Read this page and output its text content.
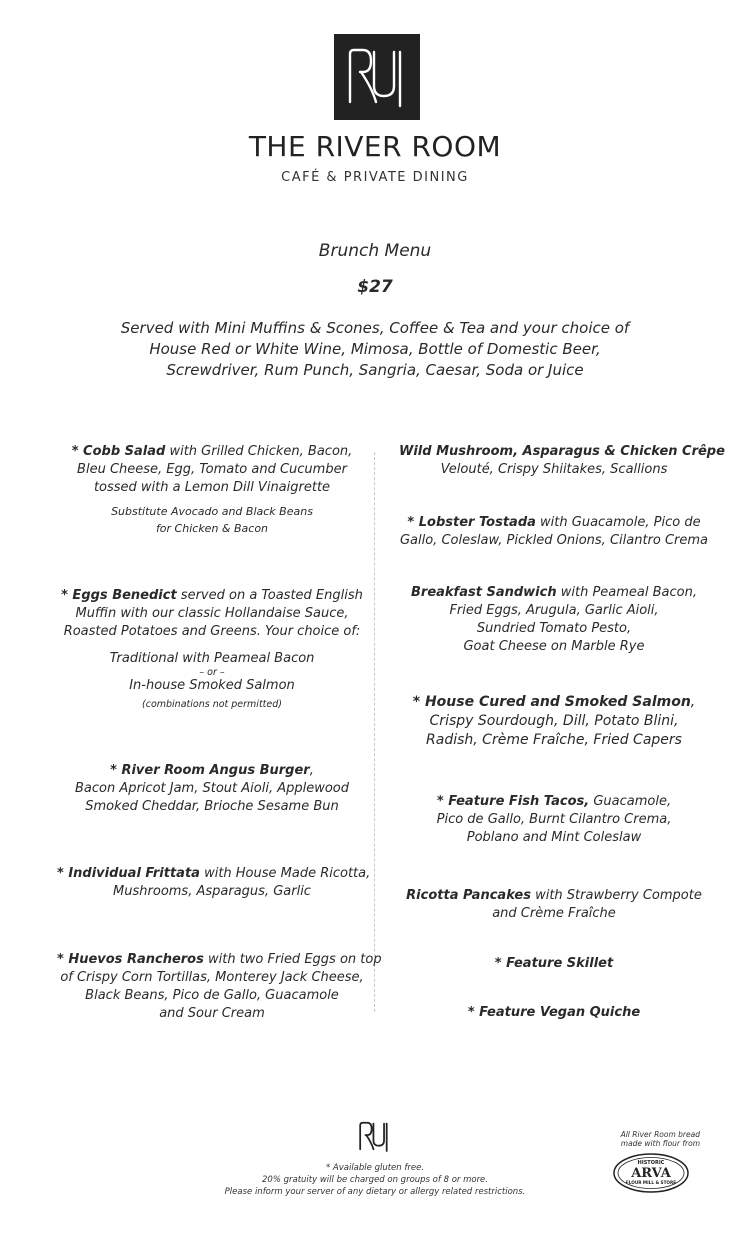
THE RIVER ROOM
CAFÉ & PRIVATE DINING
Brunch Menu
$27
Served with Mini Muffins & Scones, Coffee & Tea and your choice of
House Red or White Wine, Mimosa, Bottle of Domestic Beer,
Screwdriver, Rum Punch, Sangria, Caesar, Soda or Juice
* Cobb Salad with Grilled Chicken, Bacon,
Bleu Cheese, Egg, Tomato and Cucumber
tossed with a Lemon Dill Vinaigrette
Substitute Avocado and Black Beans
for Chicken & Bacon
* Eggs Benedict served on a Toasted English
Muffin with our classic Hollandaise Sauce,
Roasted Potatoes and Greens. Your choice of:
Traditional with Peameal Bacon
– or –
In-house Smoked Salmon
(combinations not permitted)
* River Room Angus Burger,
Bacon Apricot Jam, Stout Aioli, Applewood
Smoked Cheddar, Brioche Sesame Bun
* Individual Frittata with House Made Ricotta,
Mushrooms, Asparagus, Garlic
* Huevos Rancheros with two Fried Eggs on top
of Crispy Corn Tortillas, Monterey Jack Cheese,
Black Beans, Pico de Gallo, Guacamole
and Sour Cream
Wild Mushroom, Asparagus & Chicken Crêpe
Velouté, Crispy Shiitakes, Scallions
* Lobster Tostada with Guacamole, Pico de
Gallo, Coleslaw, Pickled Onions, Cilantro Crema
Breakfast Sandwich with Peameal Bacon,
Fried Eggs, Arugula, Garlic Aioli,
Sundried Tomato Pesto,
Goat Cheese on Marble Rye
* House Cured and Smoked Salmon,
Crispy Sourdough, Dill, Potato Blini,
Radish, Crème Fraîche, Fried Capers
* Feature Fish Tacos, Guacamole,
Pico de Gallo, Burnt Cilantro Crema,
Poblano and Mint Coleslaw
Ricotta Pancakes with Strawberry Compote
and Crème Fraîche
* Feature Skillet
* Feature Vegan Quiche
* Available gluten free.
20% gratuity will be charged on groups of 8 or more.
Please inform your server of any dietary or allergy related restrictions.
All River Room bread
made with flour from
HISTORIC
ARVA
FLOUR MILL & STORE
